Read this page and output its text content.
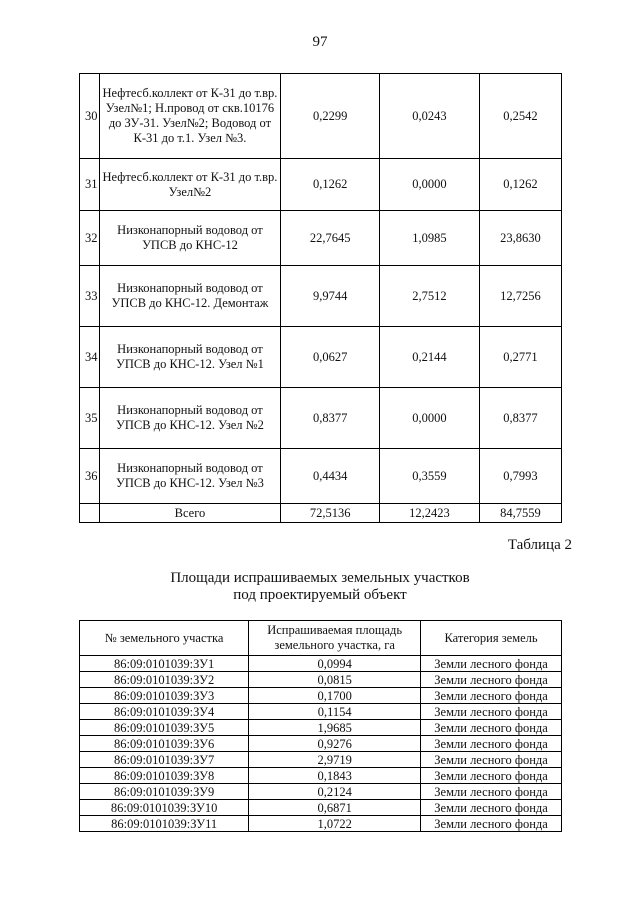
97
30	Нефтесб.коллект от К-31 до т.вр. Узел№1; Н.провод от скв.10176 до ЗУ-31. Узел№2; Водовод от К-31 до т.1. Узел №3.	0,2299	0,0243	0,2542
31	Нефтесб.коллект от К-31 до т.вр. Узел№2	0,1262	0,0000	0,1262
32	Низконапорный водовод от УПСВ до КНС-12	22,7645	1,0985	23,8630
33	Низконапорный водовод от УПСВ до КНС-12. Демонтаж	9,9744	2,7512	12,7256
34	Низконапорный водовод от УПСВ до КНС-12. Узел №1	0,0627	0,2144	0,2771
35	Низконапорный водовод от УПСВ до КНС-12. Узел №2	0,8377	0,0000	0,8377
36	Низконапорный водовод от УПСВ до КНС-12. Узел №3	0,4434	0,3559	0,7993
	Всего	72,5136	12,2423	84,7559
Таблица 2
Площади испрашиваемых земельных участков
под проектируемый объект
№ земельного участка	Испрашиваемая площадь земельного участка, га	Категория земель
86:09:0101039:ЗУ1	0,0994	Земли лесного фонда
86:09:0101039:ЗУ2	0,0815	Земли лесного фонда
86:09:0101039:ЗУ3	0,1700	Земли лесного фонда
86:09:0101039:ЗУ4	0,1154	Земли лесного фонда
86:09:0101039:ЗУ5	1,9685	Земли лесного фонда
86:09:0101039:ЗУ6	0,9276	Земли лесного фонда
86:09:0101039:ЗУ7	2,9719	Земли лесного фонда
86:09:0101039:ЗУ8	0,1843	Земли лесного фонда
86:09:0101039:ЗУ9	0,2124	Земли лесного фонда
86:09:0101039:ЗУ10	0,6871	Земли лесного фонда
86:09:0101039:ЗУ11	1,0722	Земли лесного фонда
